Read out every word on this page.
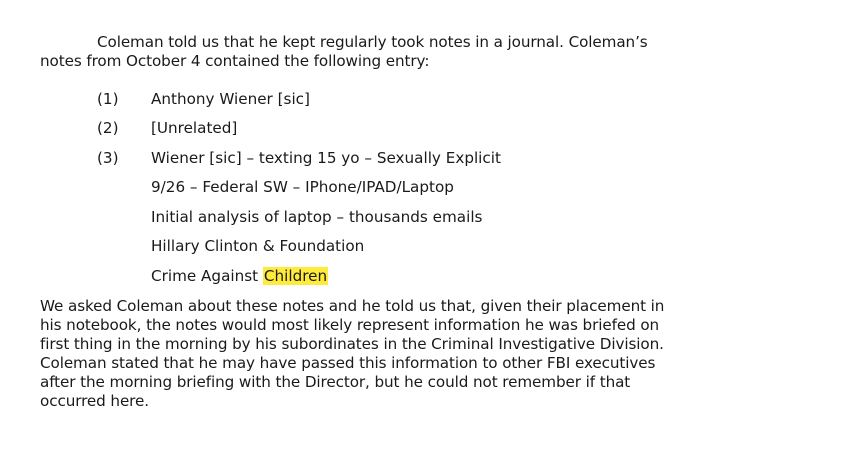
Coleman told us that he kept regularly took notes in a journal. Coleman’s

notes from October 4 contained the following entry:

(1) Anthony Wiener [sic]
(2) [Unrelated]
(3) Wiener [sic] – texting 15 yo – Sexually Explicit
9/26 – Federal SW – IPhone/IPAD/Laptop
Initial analysis of laptop – thousands emails
Hillary Clinton & Foundation
Crime Against Children
We asked Coleman about these notes and he told us that, given their placement in
his notebook, the notes would most likely represent information he was briefed on
first thing in the morning by his subordinates in the Criminal Investigative Division.
Coleman stated that he may have passed this information to other FBI executives
after the morning briefing with the Director, but he could not remember if that
occurred here.
